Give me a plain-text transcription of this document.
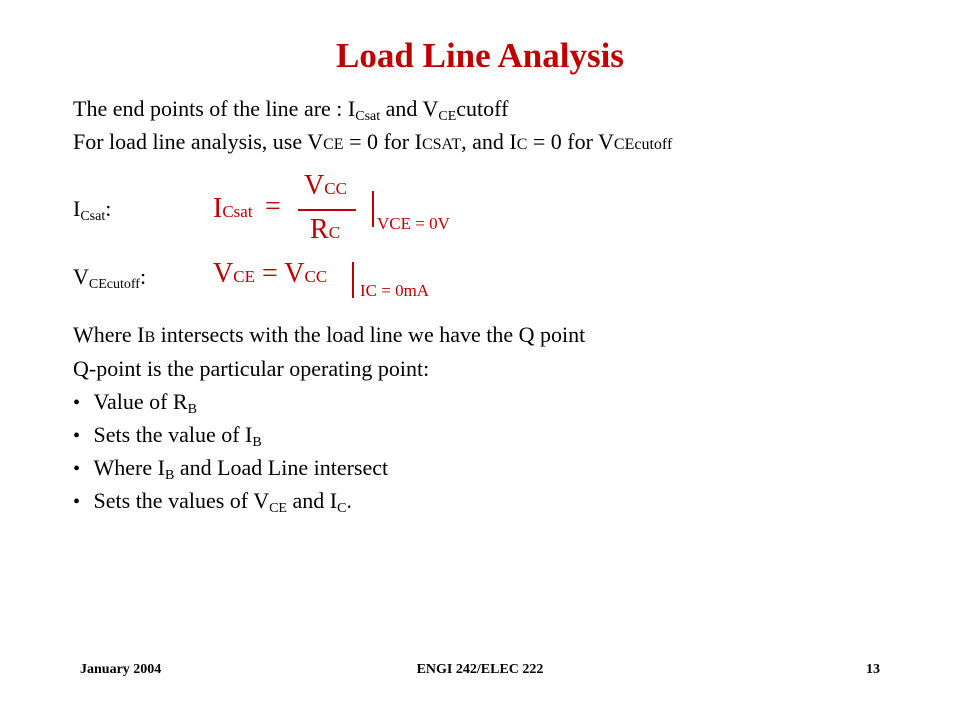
Load Line Analysis
The end points of the line are : $I_{Csat}$ and $V_{CE}cutoff$
For load line analysis, use VCE = 0 for ICSAT, and IC = 0 for VCEcutoff
$I_{Csat}$:	ICsat =
VCC
RC VCE = 0V
$V_{CEcutoff}$: VCE = VCC
IC = 0mA
Where IB intersects with the load line we have the Q point
Q-point is the particular operating point:
• Value of $R_B$
• Sets the value of $I_B$
• Where $I_B$ and Load Line intersect
• Sets the values of $V_{CE}$ and $I_C$.
January 2004	ENGI 242/ELEC 222	13
